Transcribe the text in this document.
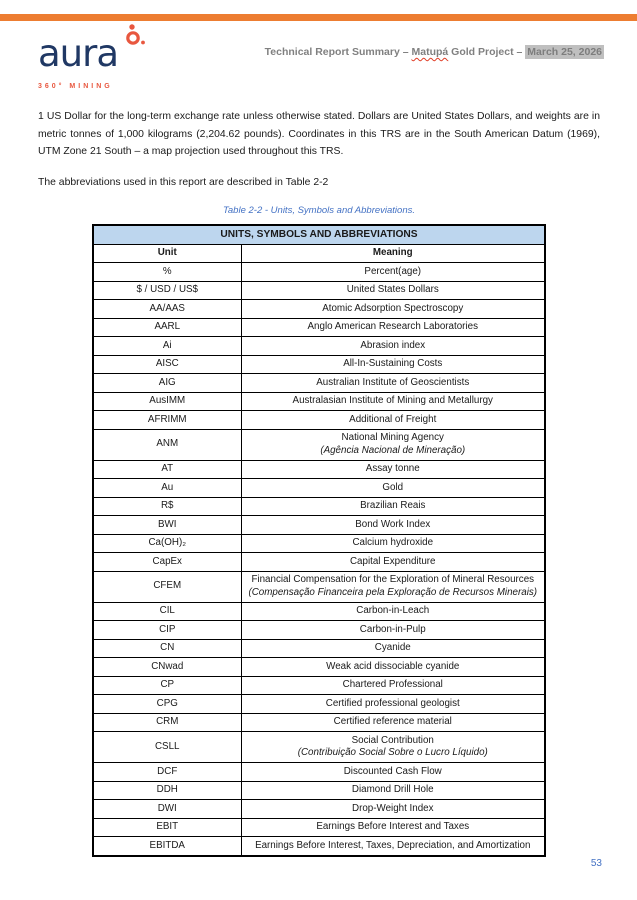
aura
360° MINING
Technical Report Summary – Matupá Gold Project – March 25, 2026

1 US Dollar for the long-term exchange rate unless otherwise stated. Dollars are United States Dollars, and weights are in metric tonnes of 1,000 kilograms (2,204.62 pounds). Coordinates in this TRS are in the South American Datum (1969), UTM Zone 21 South – a map projection used throughout this TRS.

The abbreviations used in this report are described in Table 2-2

Table 2-2 - Units, Symbols and Abbreviations.

UNITS, SYMBOLS AND ABBREVIATIONS	
Unit	Meaning
%	Percent(age)

$ / USD / US$	United States Dollars

AA/AAS	Atomic Adsorption Spectroscopy

AARL	Anglo American Research Laboratories

Ai	Abrasion index

AISC	All-In-Sustaining Costs

AIG	Australian Institute of Geoscientists

AusIMM	Australasian Institute of Mining and Metallurgy

AFRIMM	Additional of Freight

ANM	National Mining Agency
(Agência Nacional de Mineração)

AT	Assay tonne

Au	Gold

R$	Brazilian Reais

BWI	Bond Work Index

Ca(OH)₂	Calcium hydroxide

CapEx	Capital Expenditure

CFEM	Financial Compensation for the Exploration of Mineral Resources
(Compensação Financeira pela Exploração de Recursos Minerais)

CIL	Carbon-in-Leach

CIP	Carbon-in-Pulp

CN	Cyanide

CNwad	Weak acid dissociable cyanide

CP	Chartered Professional

CPG	Certified professional geologist

CRM	Certified reference material

CSLL	Social Contribution
(Contribuição Social Sobre o Lucro Líquido)

DCF	Discounted Cash Flow

DDH	Diamond Drill Hole

DWI	Drop-Weight Index

EBIT	Earnings Before Interest and Taxes

EBITDA	Earnings Before Interest, Taxes, Depreciation, and Amortization
53
